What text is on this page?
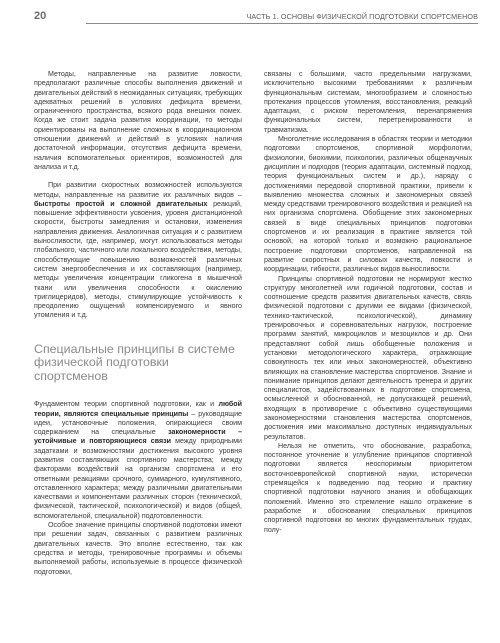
20	ЧАСТЬ 1. ОСНОВЫ ФИЗИЧЕСКОЙ ПОДГОТОВКИ СПОРТСМЕНОВ

Методы, направленные на развитие ловкости, предполагают различные способы выполнения движений и двигательных действий в неожиданных ситуациях, требующих адекватных решений в условиях дефицита времени, ограниченного пространства, всякого рода внешних помех. Когда же стоит задача развития координации, то методы ориентированы на выполнение сложных в координационном отношении движений и действий в условиях наличия достаточной информации, отсутствия дефицита времени, наличия вспомогательных ориентиров, возможностей для анализа и т.д.

При развитии скоростных возможностей используются методы, направленные на развитие их различных видов – быстроты простой и сложной двигательных реакций, повышение эффективности усвоения, уровня дистанционной скорости, быстроты замедления и остановки, изменения направления движения. Аналогичная ситуация и с развитием выносливости, где, например, могут использоваться методы глобального, частичного или локального воздействия, методы, способствующие повышению возможностей различных систем энергообеспечения и их составляющих (например, методы увеличения концентрации гликогена в мышечной ткани или увеличения способности к окислению триглицеридов), методы, стимулирующие устойчивость к преодолению ощущений компенсируемого и явного утомления и т.д.

Специальные принципы в системе физической подготовки спортсменов

Фундаментом теории спортивной подготовки, как и любой теории, являются специальные принципы – руководящие идеи, установочные положения, опирающиеся своим содержанием на специальные закономерности – устойчивые и повторяющиеся связи между природными задатками и возможностями достижения высокого уровня развития составляющих спортивного мастерства; между факторами воздействий на организм спортсмена и его ответными реакциями срочного, суммарного, кумулятивного, отставленного характера; между различными двигательными качествами и компонентами различных сторон (технической, физической, тактической, психологической) и видов (общей, вспомогательной, специальной) подготовленности.

Особое значение принципы спортивной подготовки имеют при решении задач, связанных с развитием различных двигательных качеств. Это вполне естественно, так как средства и методы, тренировочные программы и объемы выполняемой работы, используемые в процессе физической подготовки,

связаны с большими, часто предельными нагрузками, исключительно высокими требованиями к различным функциональным системам, многообразием и сложностью протекания процессов утомления, восстановления, реакций адаптации, с риском перетомления, перенапряжения функциональных систем, перетренированности и травматизма.

Многолетние исследования в областях теории и методики подготовки спортсменов, спортивной морфологии, физиологии, биохимии, психологии, различных общенаучных дисциплин и подходов (теория адаптации, системный подход, теория функциональных систем и др.), наряду с достижениями передовой спортивной практики, привели к выявлению множества сложных и закономерных связей между средствами тренировочного воздействия и реакцией на них организма спортсмена. Обобщение этих закономерных связей в виде специальных принципов подготовки спортсменов и их реализация в практике является той основой, на которой только и возможно рациональное построение подготовки спортсменов, направленной на развитие скоростных и силовых качеств, ловкости и координации, гибкости, различных видов выносливости.

Принципы спортивной подготовки не нормируют жестко структуру многолетней или годичной подготовки, состав и соотношение средств развития двигательных качеств, связь физической подготовки с другими ее видами (физической, технико-тактической, психологической), динамику тренировочных и соревновательных нагрузок, построение программ занятий, микроциклов и мезоциклов и др. Они представляют собой лишь обобщенные положения и установки методологического характера, отражающие совокупность тех или иных закономерностей, объективно влияющих на становление мастерства спортсменов. Знание и понимание принципов делают деятельность тренера и других специалистов, задействованных в подготовке спортсмена, осмысленной и обоснованной, не допускающей решений, входящих в противоречие с объективно существующими закономерностями становления мастерства спортсменов, достижения ими максимально доступных индивидуальных результатов.

Нельзя не отметить, что обоснование, разработка, постоянное уточнение и углубление принципов спортивной подготовки является неоспоримым приоритетом восточноевропейской спортивной науки, исторически стремящейся к подведению под теорию и практику спортивной подготовки научного знания и обобщающих положений. Именно это стремление нашло отражение в разработке и обосновании специальных принципов спортивной подготовки во многих фундаментальных трудах, полу-
